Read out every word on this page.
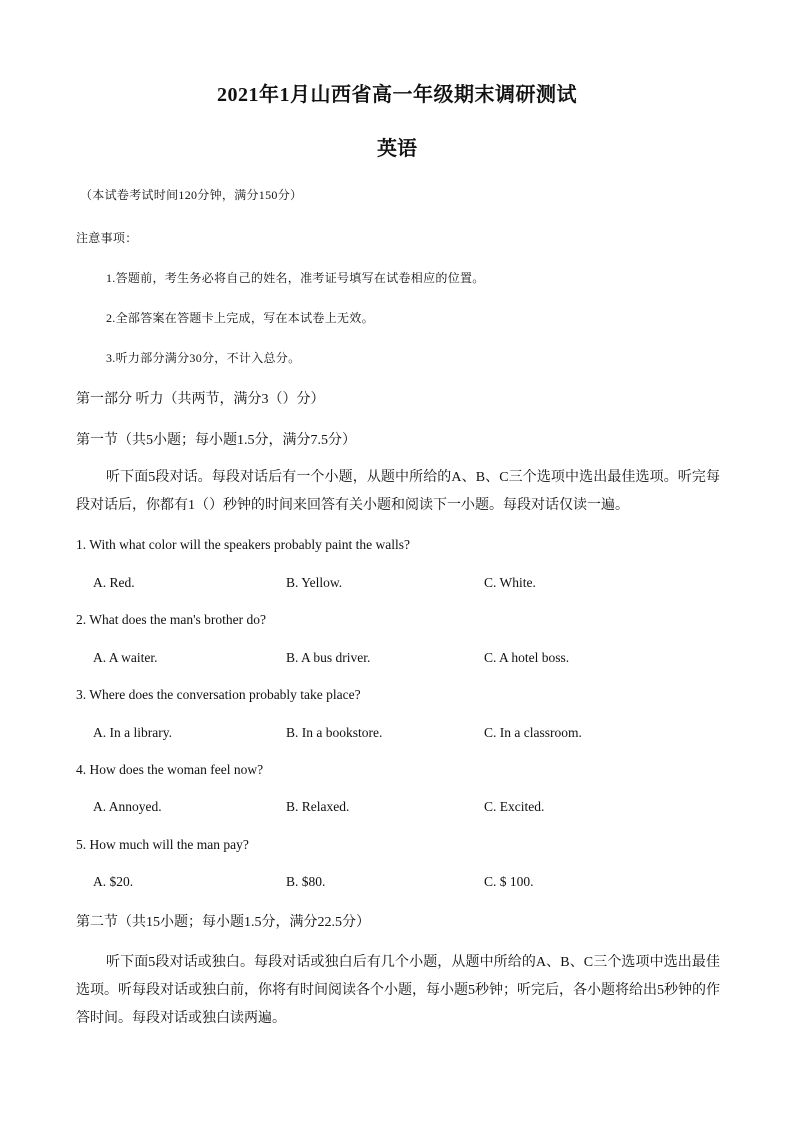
2021年1月山西省高一年级期末调研测试
英语
（本试卷考试时间120分钟，满分150分）
注意事项：
1.答题前，考生务必将自己的姓名，准考证号填写在试卷相应的位置。
2.全部答案在答题卡上完成，写在本试卷上无效。
3.听力部分满分30分，不计入总分。
第一部分 听力（共两节，满分3（）分）
第一节（共5小题；每小题1.5分，满分7.5分）
听下面5段对话。每段对话后有一个小题，从题中所给的A、B、C三个选项中选出最佳选项。听完每段对话后，你都有1（）秒钟的时间来回答有关小题和阅读下一小题。每段对话仅读一遍。
1. With what color will the speakers probably paint the walls?
A. Red.	B. Yellow.	C. White.
2. What does the man's brother do?
A. A waiter.	B. A bus driver.	C. A hotel boss.
3. Where does the conversation probably take place?
A. In a library.	B. In a bookstore.	C. In a classroom.
4. How does the woman feel now?
A. Annoyed.	B. Relaxed.	C. Excited.
5. How much will the man pay?
A. $20.	B. $80.	C. $ 100.
第二节（共15小题；每小题1.5分，满分22.5分）
听下面5段对话或独白。每段对话或独白后有几个小题，从题中所给的A、B、C三个选项中选出最佳选项。听每段对话或独白前，你将有时间阅读各个小题，每小题5秒钟；听完后，各小题将给出5秒钟的作答时间。每段对话或独白读两遍。
